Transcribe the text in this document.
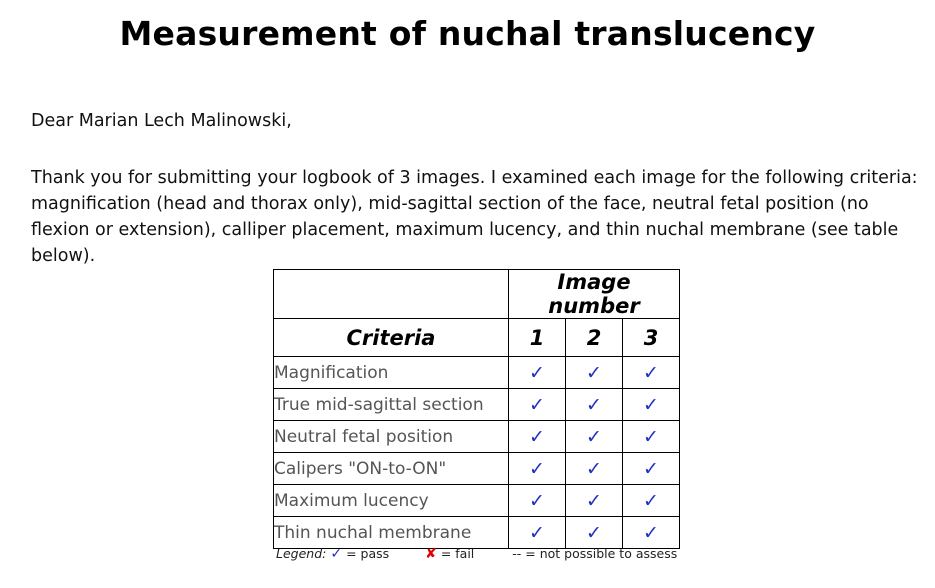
Measurement of nuchal translucency
Dear Marian Lech Malinowski,
Thank you for submitting your logbook of 3 images. I examined each image for the following criteria: magnification (head and thorax only), mid-sagittal section of the face, neutral fetal position (no flexion or extension), calliper placement, maximum lucency, and thin nuchal membrane (see table below).
	Image number		
Criteria	1	2	3
Magnification	✓	✓	✓
True mid-sagittal section	✓	✓	✓
Neutral fetal position	✓	✓	✓
Calipers "ON-to-ON"	✓	✓	✓
Maximum lucency	✓	✓	✓
Thin nuchal membrane	✓	✓	✓
Legend: ✓ = pass	✘ = fail	-- = not possible to assess
